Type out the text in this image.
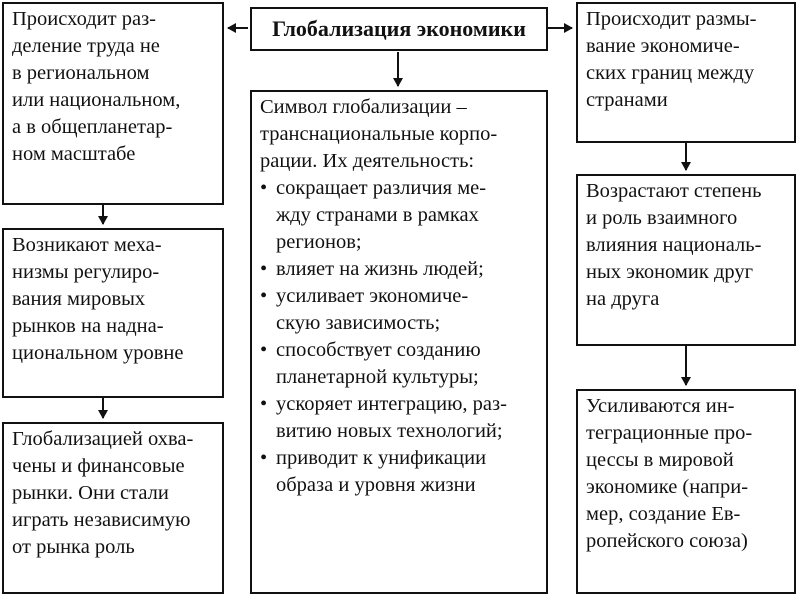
Глобализация экономики
Происходит раз-
деление труда не
в региональном
или национальном,
а в общепланетар-
ном масштабе
Возникают меха-
низмы регулиро-
вания мировых
рынков на надна-
циональном уровне
Глобализацией охва-
чены и финансовые
рынки. Они стали
играть независимую
от рынка роль
Символ глобализации –
транснациональные корпо-
рации. Их деятельность:
• сокращает различия ме-
жду странами в рамках
регионов;
• влияет на жизнь людей;
• усиливает экономиче-
скую зависимость;
• способствует созданию
планетарной культуры;
• ускоряет интеграцию, раз-
витию новых технологий;
• приводит к унификации
образа и уровня жизни
Происходит размы-
вание экономиче-
ских границ между
странами
Возрастают степень
и роль взаимного
влияния националь-
ных экономик друг
на друга
Усиливаются ин-
теграционные про-
цессы в мировой
экономике (напри-
мер, создание Ев-
ропейского союза)
